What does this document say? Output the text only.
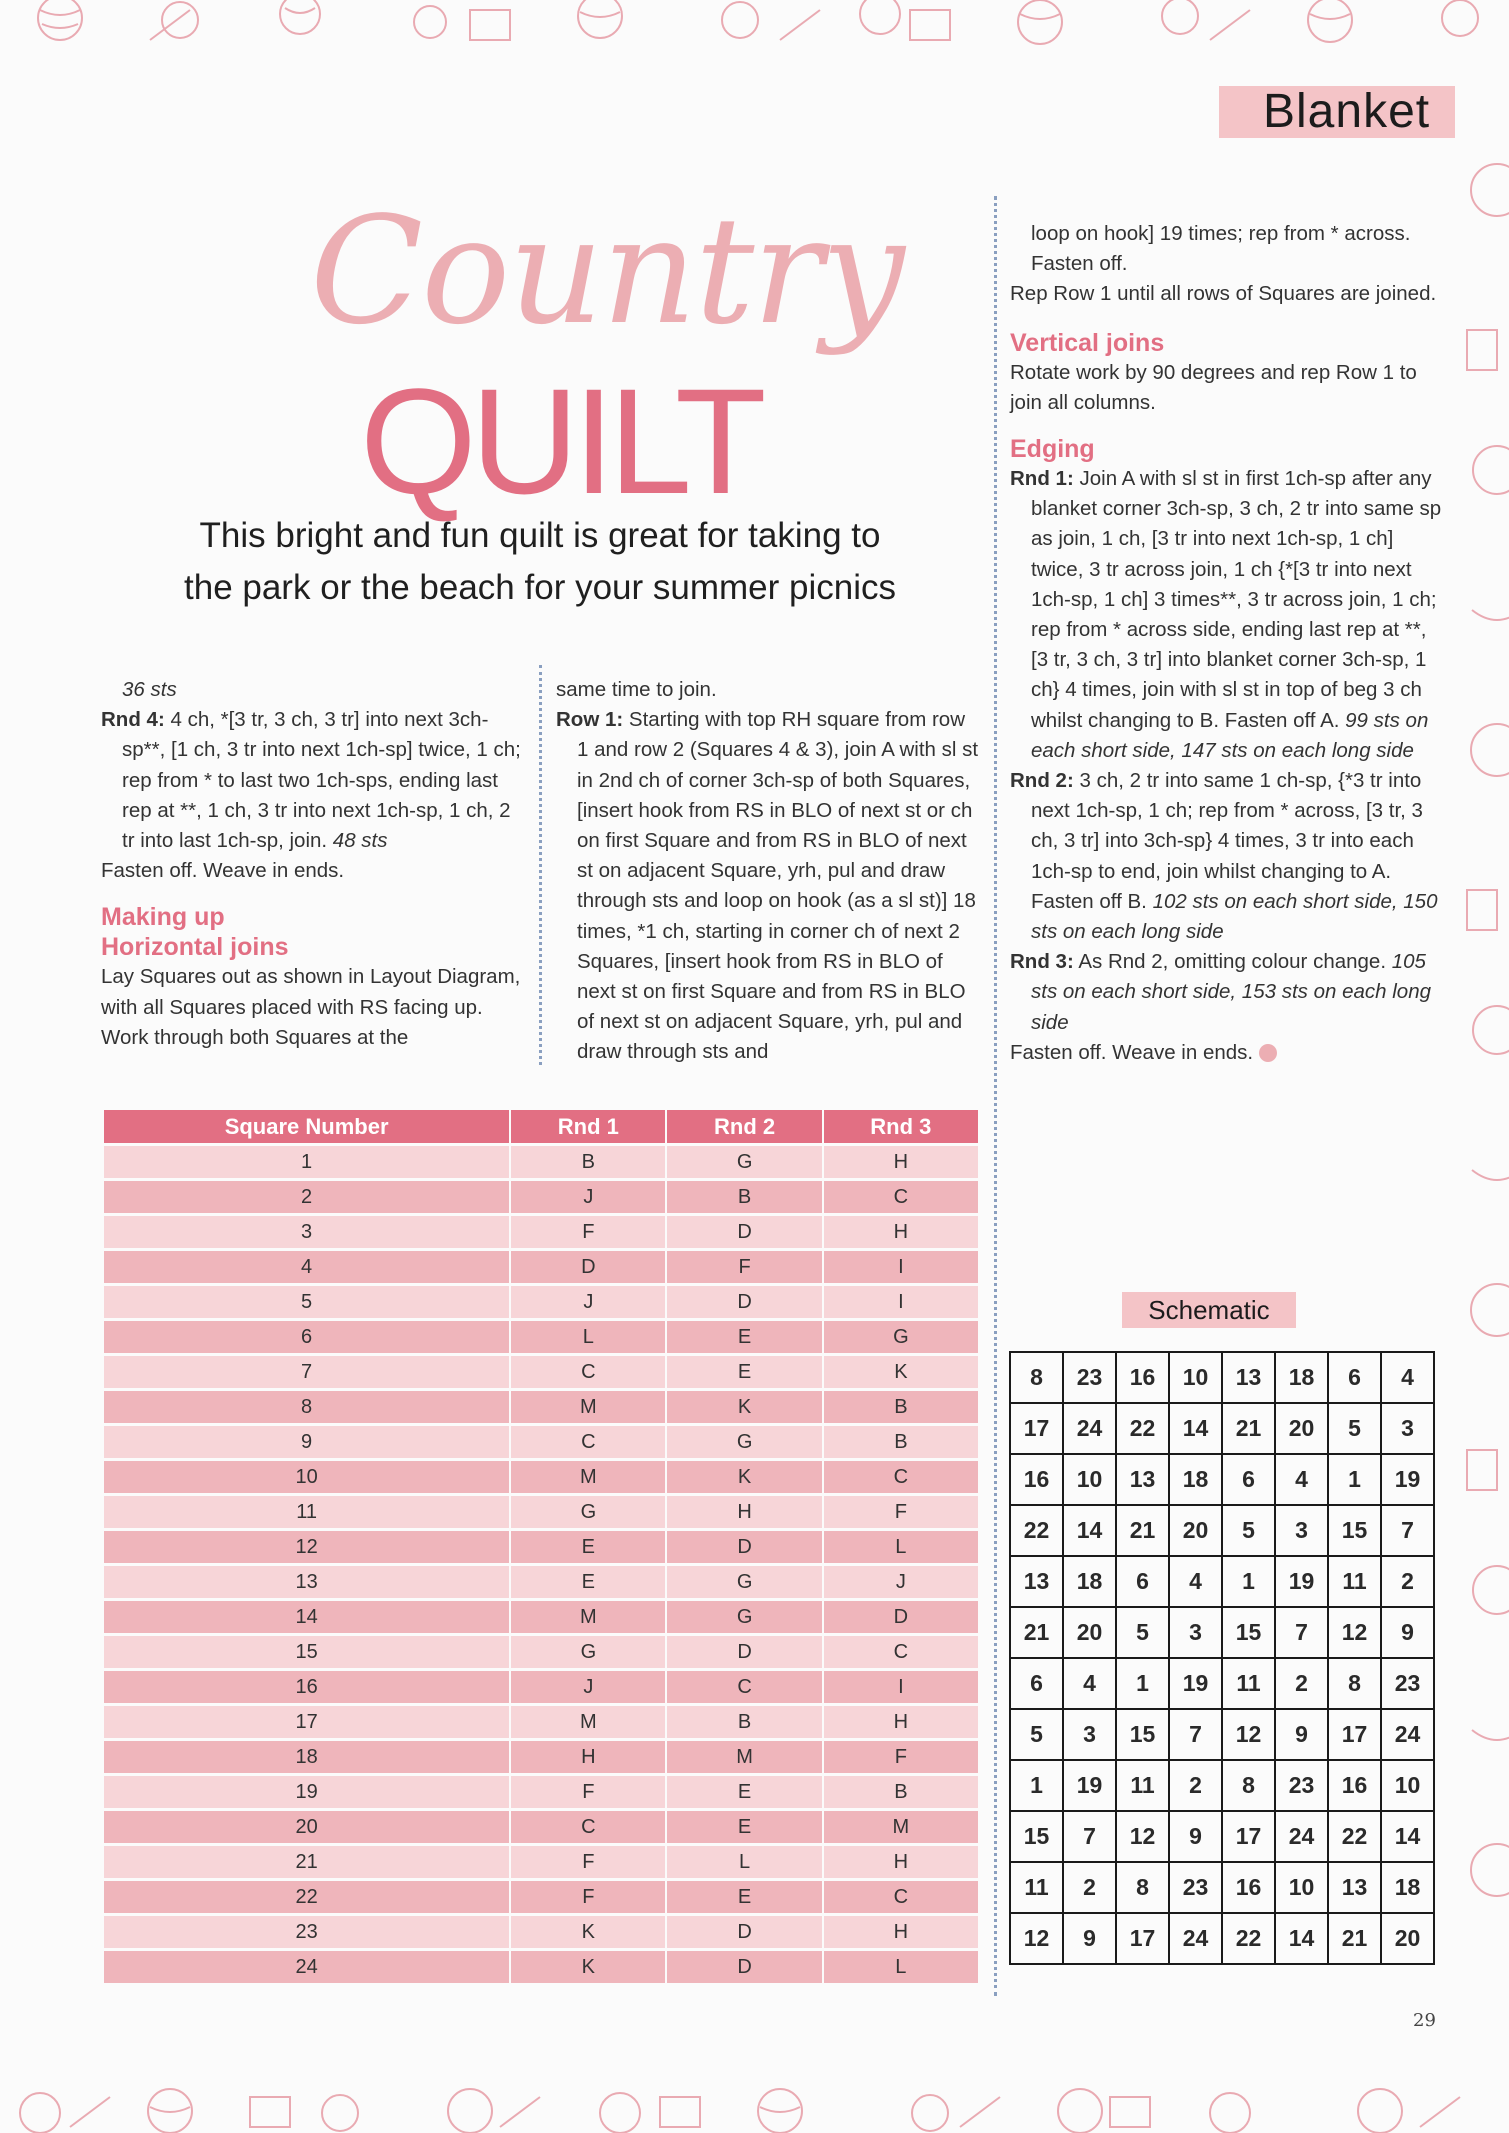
Blanket
Country
QUILT
This bright and fun quilt is great for taking to
the park or the beach for your summer picnics

36 sts

Rnd 4: 4 ch, *[3 tr, 3 ch, 3 tr] into next 3ch-sp**, [1 ch, 3 tr into next 1ch-sp] twice, 1 ch; rep from * to last two 1ch-sps, ending last rep at **, 1 ch, 3 tr into next 1ch-sp, 1 ch, 2 tr into last 1ch-sp, join. 48 sts

Fasten off. Weave in ends.

Making up
Horizontal joins

Lay Squares out as shown in Layout Diagram, with all Squares placed with RS facing up. Work through both Squares at the

same time to join.

Row 1: Starting with top RH square from row 1 and row 2 (Squares 4 & 3), join A with sl st in 2nd ch of corner 3ch-sp of both Squares, [insert hook from RS in BLO of next st or ch on first Square and from RS in BLO of next st on adjacent Square, yrh, pul and draw through sts and loop on hook (as a sl st)] 18 times, *1 ch, starting in corner ch of next 2 Squares, [insert hook from RS in BLO of next st on first Square and from RS in BLO of next st on adjacent Square, yrh, pul and draw through sts and

loop on hook] 19 times; rep from * across. Fasten off.

Rep Row 1 until all rows of Squares are joined.

Vertical joins

Rotate work by 90 degrees and rep Row 1 to join all columns.

Edging

Rnd 1: Join A with sl st in first 1ch-sp after any blanket corner 3ch-sp, 3 ch, 2 tr into same sp as join, 1 ch, [3 tr into next 1ch-sp, 1 ch] twice, 3 tr across join, 1 ch {*[3 tr into next 1ch-sp, 1 ch] 3 times**, 3 tr across join, 1 ch; rep from * across side, ending last rep at **, [3 tr, 3 ch, 3 tr] into blanket corner 3ch-sp, 1 ch} 4 times, join with sl st in top of beg 3 ch whilst changing to B. Fasten off A. 99 sts on each short side, 147 sts on each long side

Rnd 2: 3 ch, 2 tr into same 1 ch-sp, {*3 tr into next 1ch-sp, 1 ch; rep from * across, [3 tr, 3 ch, 3 tr] into 3ch-sp} 4 times, 3 tr into each 1ch-sp to end, join whilst changing to A. Fasten off B. 102 sts on each short side, 150 sts on each long side

Rnd 3: As Rnd 2, omitting colour change. 105 sts on each short side, 153 sts on each long side

Fasten off. Weave in ends.

Square Number	Rnd 1	Rnd 2	Rnd 3
1	B	G	H
2	J	B	C
3	F	D	H
4	D	F	I
5	J	D	I
6	L	E	G
7	C	E	K
8	M	K	B
9	C	G	B
10	M	K	C
11	G	H	F
12	E	D	L
13	E	G	J
14	M	G	D
15	G	D	C
16	J	C	I
17	M	B	H
18	H	M	F
19	F	E	B
20	C	E	M
21	F	L	H
22	F	E	C
23	K	D	H
24	K	D	L
Schematic
8	23	16	10	13	18	6	4
17	24	22	14	21	20	5	3
16	10	13	18	6	4	1	19
22	14	21	20	5	3	15	7
13	18	6	4	1	19	11	2
21	20	5	3	15	7	12	9
6	4	1	19	11	2	8	23
5	3	15	7	12	9	17	24
1	19	11	2	8	23	16	10
15	7	12	9	17	24	22	14
11	2	8	23	16	10	13	18
12	9	17	24	22	14	21	20
29
